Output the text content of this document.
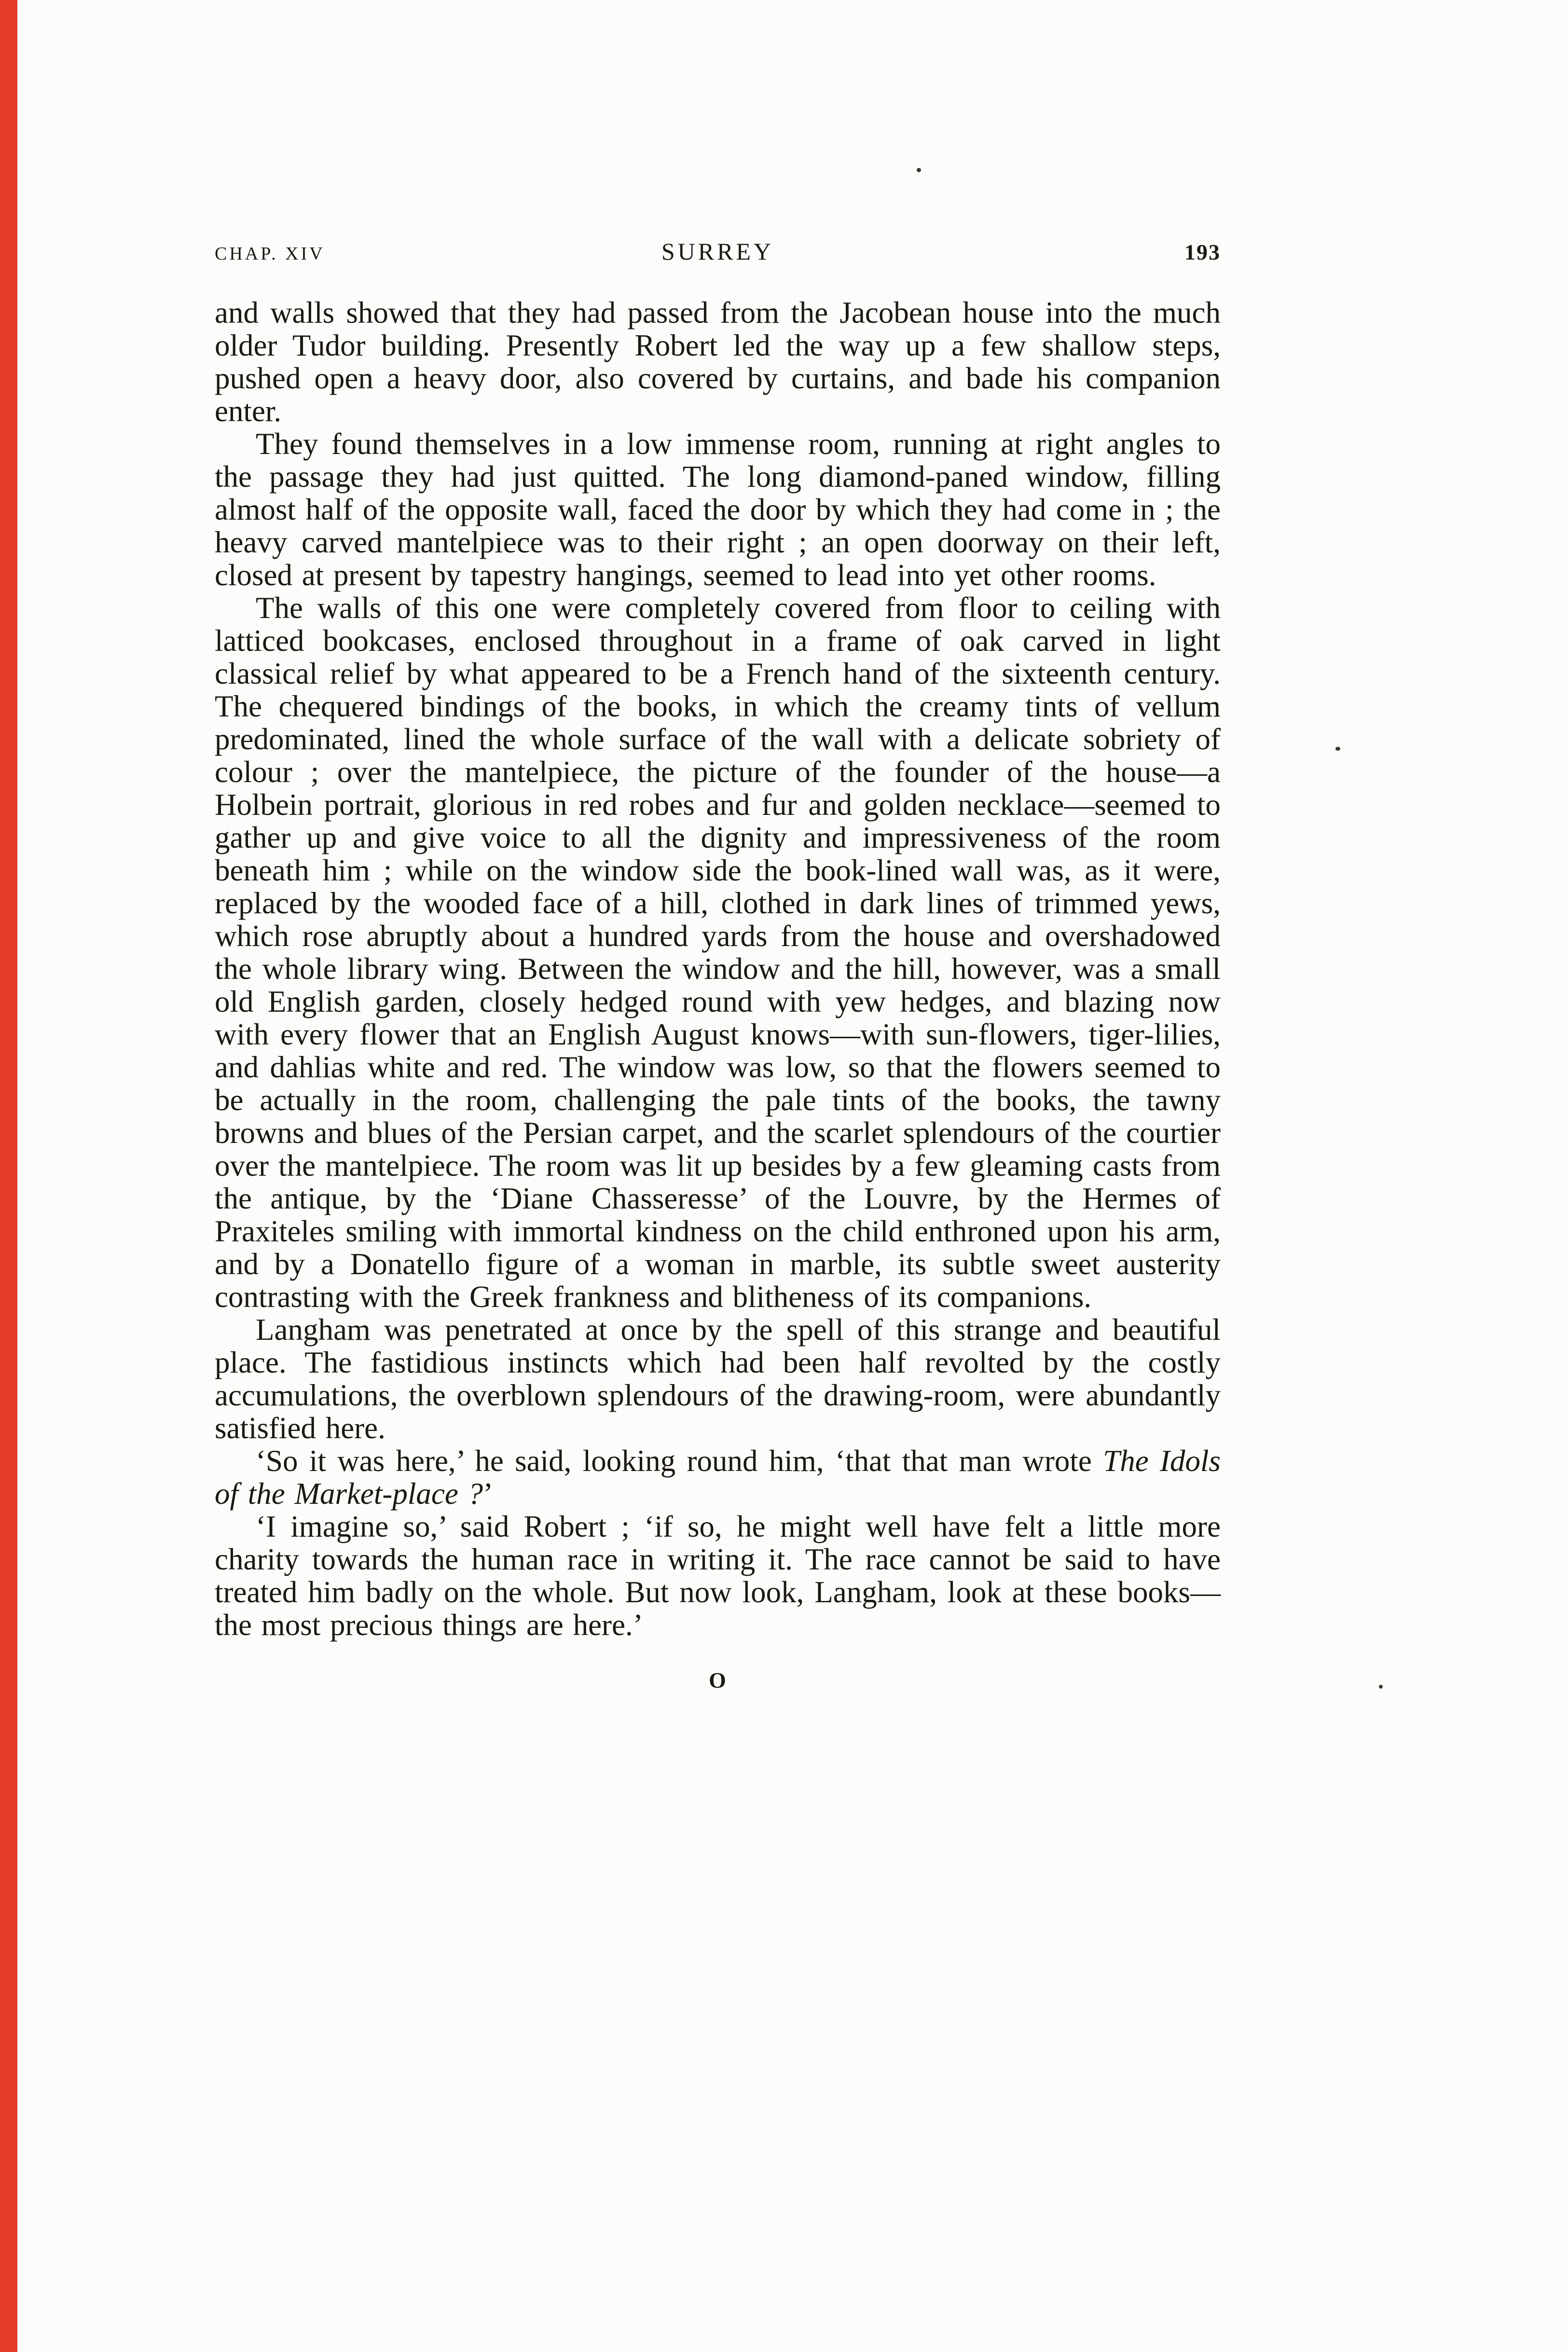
CHAP. XIV	SURREY	193

and walls showed that they had passed from the Jacobean house into the much older Tudor building. Presently Robert led the way up a few shallow steps, pushed open a heavy door, also covered by curtains, and bade his companion enter.

They found themselves in a low immense room, running at right angles to the passage they had just quitted. The long diamond-paned window, filling almost half of the opposite wall, faced the door by which they had come in ; the heavy carved mantelpiece was to their right ; an open doorway on their left, closed at present by tapestry hangings, seemed to lead into yet other rooms.

The walls of this one were completely covered from floor to ceiling with latticed bookcases, enclosed throughout in a frame of oak carved in light classical relief by what appeared to be a French hand of the sixteenth century. The chequered bindings of the books, in which the creamy tints of vellum predominated, lined the whole surface of the wall with a delicate sobriety of colour ; over the mantelpiece, the picture of the founder of the house—a Holbein portrait, glorious in red robes and fur and golden necklace—seemed to gather up and give voice to all the dignity and impressiveness of the room beneath him ; while on the window side the book-lined wall was, as it were, replaced by the wooded face of a hill, clothed in dark lines of trimmed yews, which rose abruptly about a hundred yards from the house and overshadowed the whole library wing. Between the window and the hill, however, was a small old English garden, closely hedged round with yew hedges, and blazing now with every flower that an English August knows—with sun-flowers, tiger-lilies, and dahlias white and red. The window was low, so that the flowers seemed to be actually in the room, challenging the pale tints of the books, the tawny browns and blues of the Persian carpet, and the scarlet splendours of the courtier over the mantelpiece. The room was lit up besides by a few gleaming casts from the antique, by the ‘Diane Chasseresse’ of the Louvre, by the Hermes of Praxiteles smiling with immortal kindness on the child enthroned upon his arm, and by a Donatello figure of a woman in marble, its subtle sweet austerity contrasting with the Greek frankness and blitheness of its companions.

Langham was penetrated at once by the spell of this strange and beautiful place. The fastidious instincts which had been half revolted by the costly accumulations, the overblown splendours of the drawing-room, were abundantly satisfied here.

‘So it was here,’ he said, looking round him, ‘that that man wrote The Idols of the Market-place ?’

‘I imagine so,’ said Robert ; ‘if so, he might well have felt a little more charity towards the human race in writing it. The race cannot be said to have treated him badly on the whole. But now look, Langham, look at these books—the most precious things are here.’

O
